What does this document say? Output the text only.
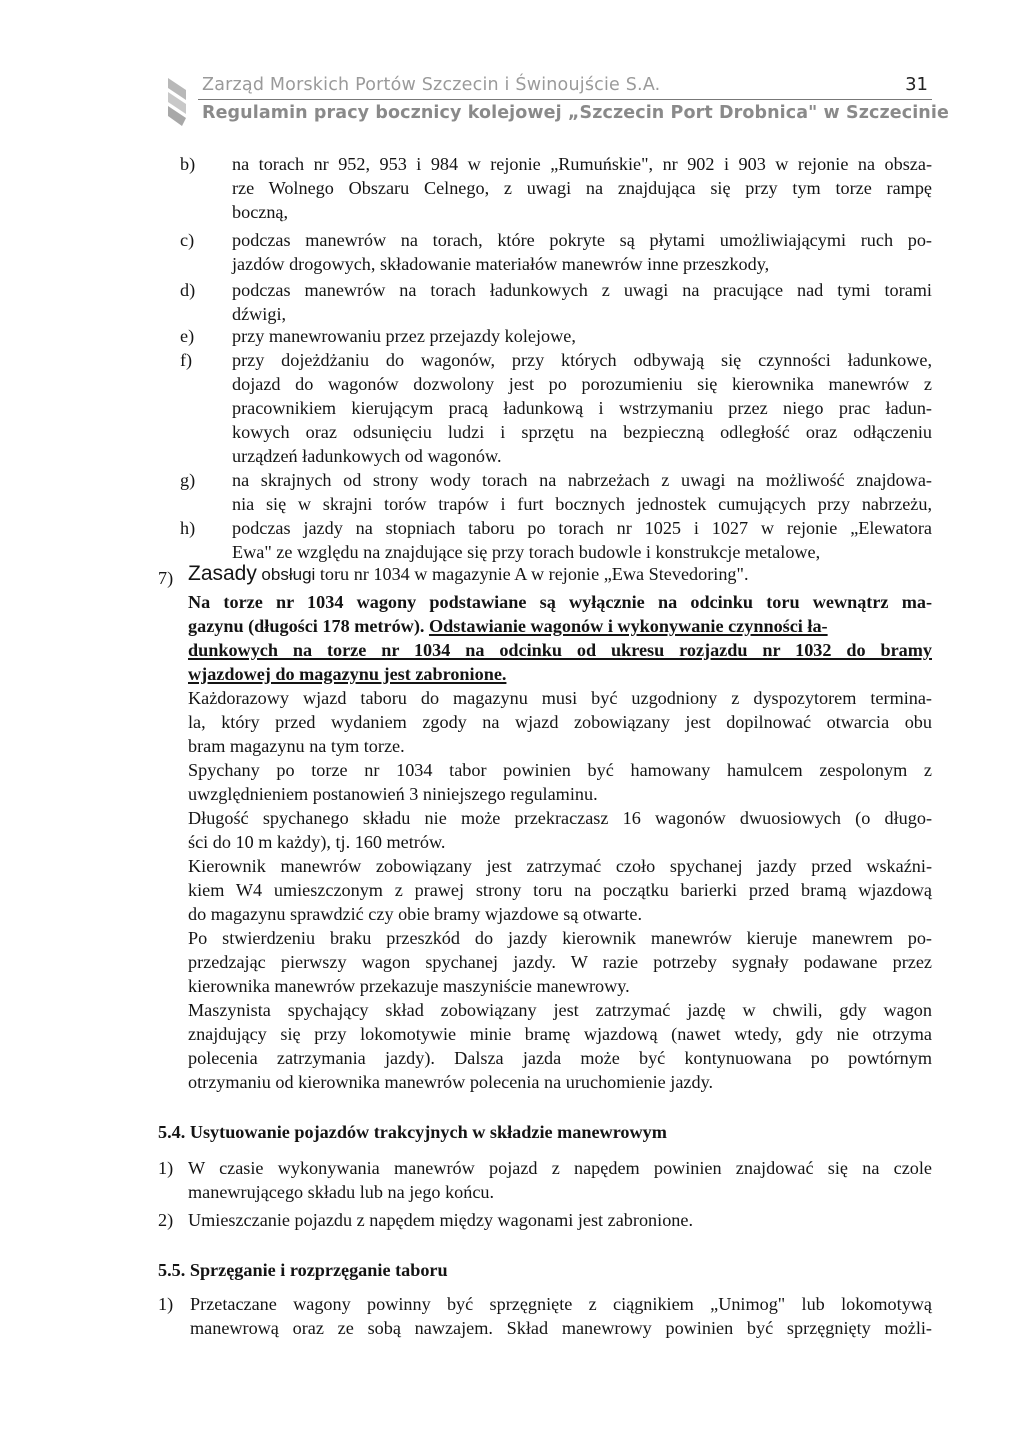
Zarząd Morskich Portów Szczecin i Świnoujście S.A.	31
Regulamin pracy bocznicy kolejowej „Szczecin Port Drobnica" w Szczecinie
b) na torach nr 952, 953 i 984 w rejonie „Rumuńskie", nr 902 i 903 w rejonie na obsza-
rze Wolnego Obszaru Celnego, z uwagi na znajdująca się przy tym torze rampę
boczną,
c) podczas manewrów na torach, które pokryte są płytami umożliwiającymi ruch po-
jazdów drogowych, składowanie materiałów manewrów inne przeszkody,
d) podczas manewrów na torach ładunkowych z uwagi na pracujące nad tymi torami
dźwigi,
e) przy manewrowaniu przez przejazdy kolejowe,
f) przy dojeżdżaniu do wagonów, przy których odbywają się czynności ładunkowe,
dojazd do wagonów dozwolony jest po porozumieniu się kierownika manewrów z
pracownikiem kierującym pracą ładunkową i wstrzymaniu przez niego prac ładun-
kowych oraz odsunięciu ludzi i sprzętu na bezpieczną odległość oraz odłączeniu
urządzeń ładunkowych od wagonów.
g) na skrajnych od strony wody torach na nabrzeżach z uwagi na możliwość znajdowa-
nia się w skrajni torów trapów i furt bocznych jednostek cumujących przy nabrzeżu,
h) podczas jazdy na stopniach taboru po torach nr 1025 i 1027 w rejonie „Elewatora
Ewa" ze względu na znajdujące się przy torach budowle i konstrukcje metalowe,
7) Zasady obsługi toru nr 1034 w magazynie A w rejonie „Ewa Stevedoring".
Na torze nr 1034 wagony podstawiane są wyłącznie na odcinku toru wewnątrz ma-
gazynu (długości 178 metrów). Odstawianie wagonów i wykonywanie czynności ła-
dunkowych na torze nr 1034 na odcinku od ukresu rozjazdu nr 1032 do bramy
wjazdowej do magazynu jest zabronione.
Każdorazowy wjazd taboru do magazynu musi być uzgodniony z dyspozytorem termina-
la, który przed wydaniem zgody na wjazd zobowiązany jest dopilnować otwarcia obu
bram magazynu na tym torze.
Spychany po torze nr 1034 tabor powinien być hamowany hamulcem zespolonym z
uwzględnieniem postanowień 3 niniejszego regulaminu.
Długość spychanego składu nie może przekraczasz 16 wagonów dwuosiowych (o długo-
ści do 10 m każdy), tj. 160 metrów.
Kierownik manewrów zobowiązany jest zatrzymać czoło spychanej jazdy przed wskaźni-
kiem W4 umieszczonym z prawej strony toru na początku barierki przed bramą wjazdową
do magazynu sprawdzić czy obie bramy wjazdowe są otwarte.
Po stwierdzeniu braku przeszkód do jazdy kierownik manewrów kieruje manewrem po-
przedzając pierwszy wagon spychanej jazdy. W razie potrzeby sygnały podawane przez
kierownika manewrów przekazuje maszyniście manewrowy.
Maszynista spychający skład zobowiązany jest zatrzymać jazdę w chwili, gdy wagon
znajdujący się przy lokomotywie minie bramę wjazdową (nawet wtedy, gdy nie otrzyma
polecenia zatrzymania jazdy). Dalsza jazda może być kontynuowana po powtórnym
otrzymaniu od kierownika manewrów polecenia na uruchomienie jazdy.
5.4. Usytuowanie pojazdów trakcyjnych w składzie manewrowym
1) W czasie wykonywania manewrów pojazd z napędem powinien znajdować się na czole
manewrującego składu lub na jego końcu.
2) Umieszczanie pojazdu z napędem między wagonami jest zabronione.
5.5. Sprzęganie i rozprzęganie taboru
1) Przetaczane wagony powinny być sprzęgnięte z ciągnikiem „Unimog" lub lokomotywą
manewrową oraz ze sobą nawzajem. Skład manewrowy powinien być sprzęgnięty możli-
